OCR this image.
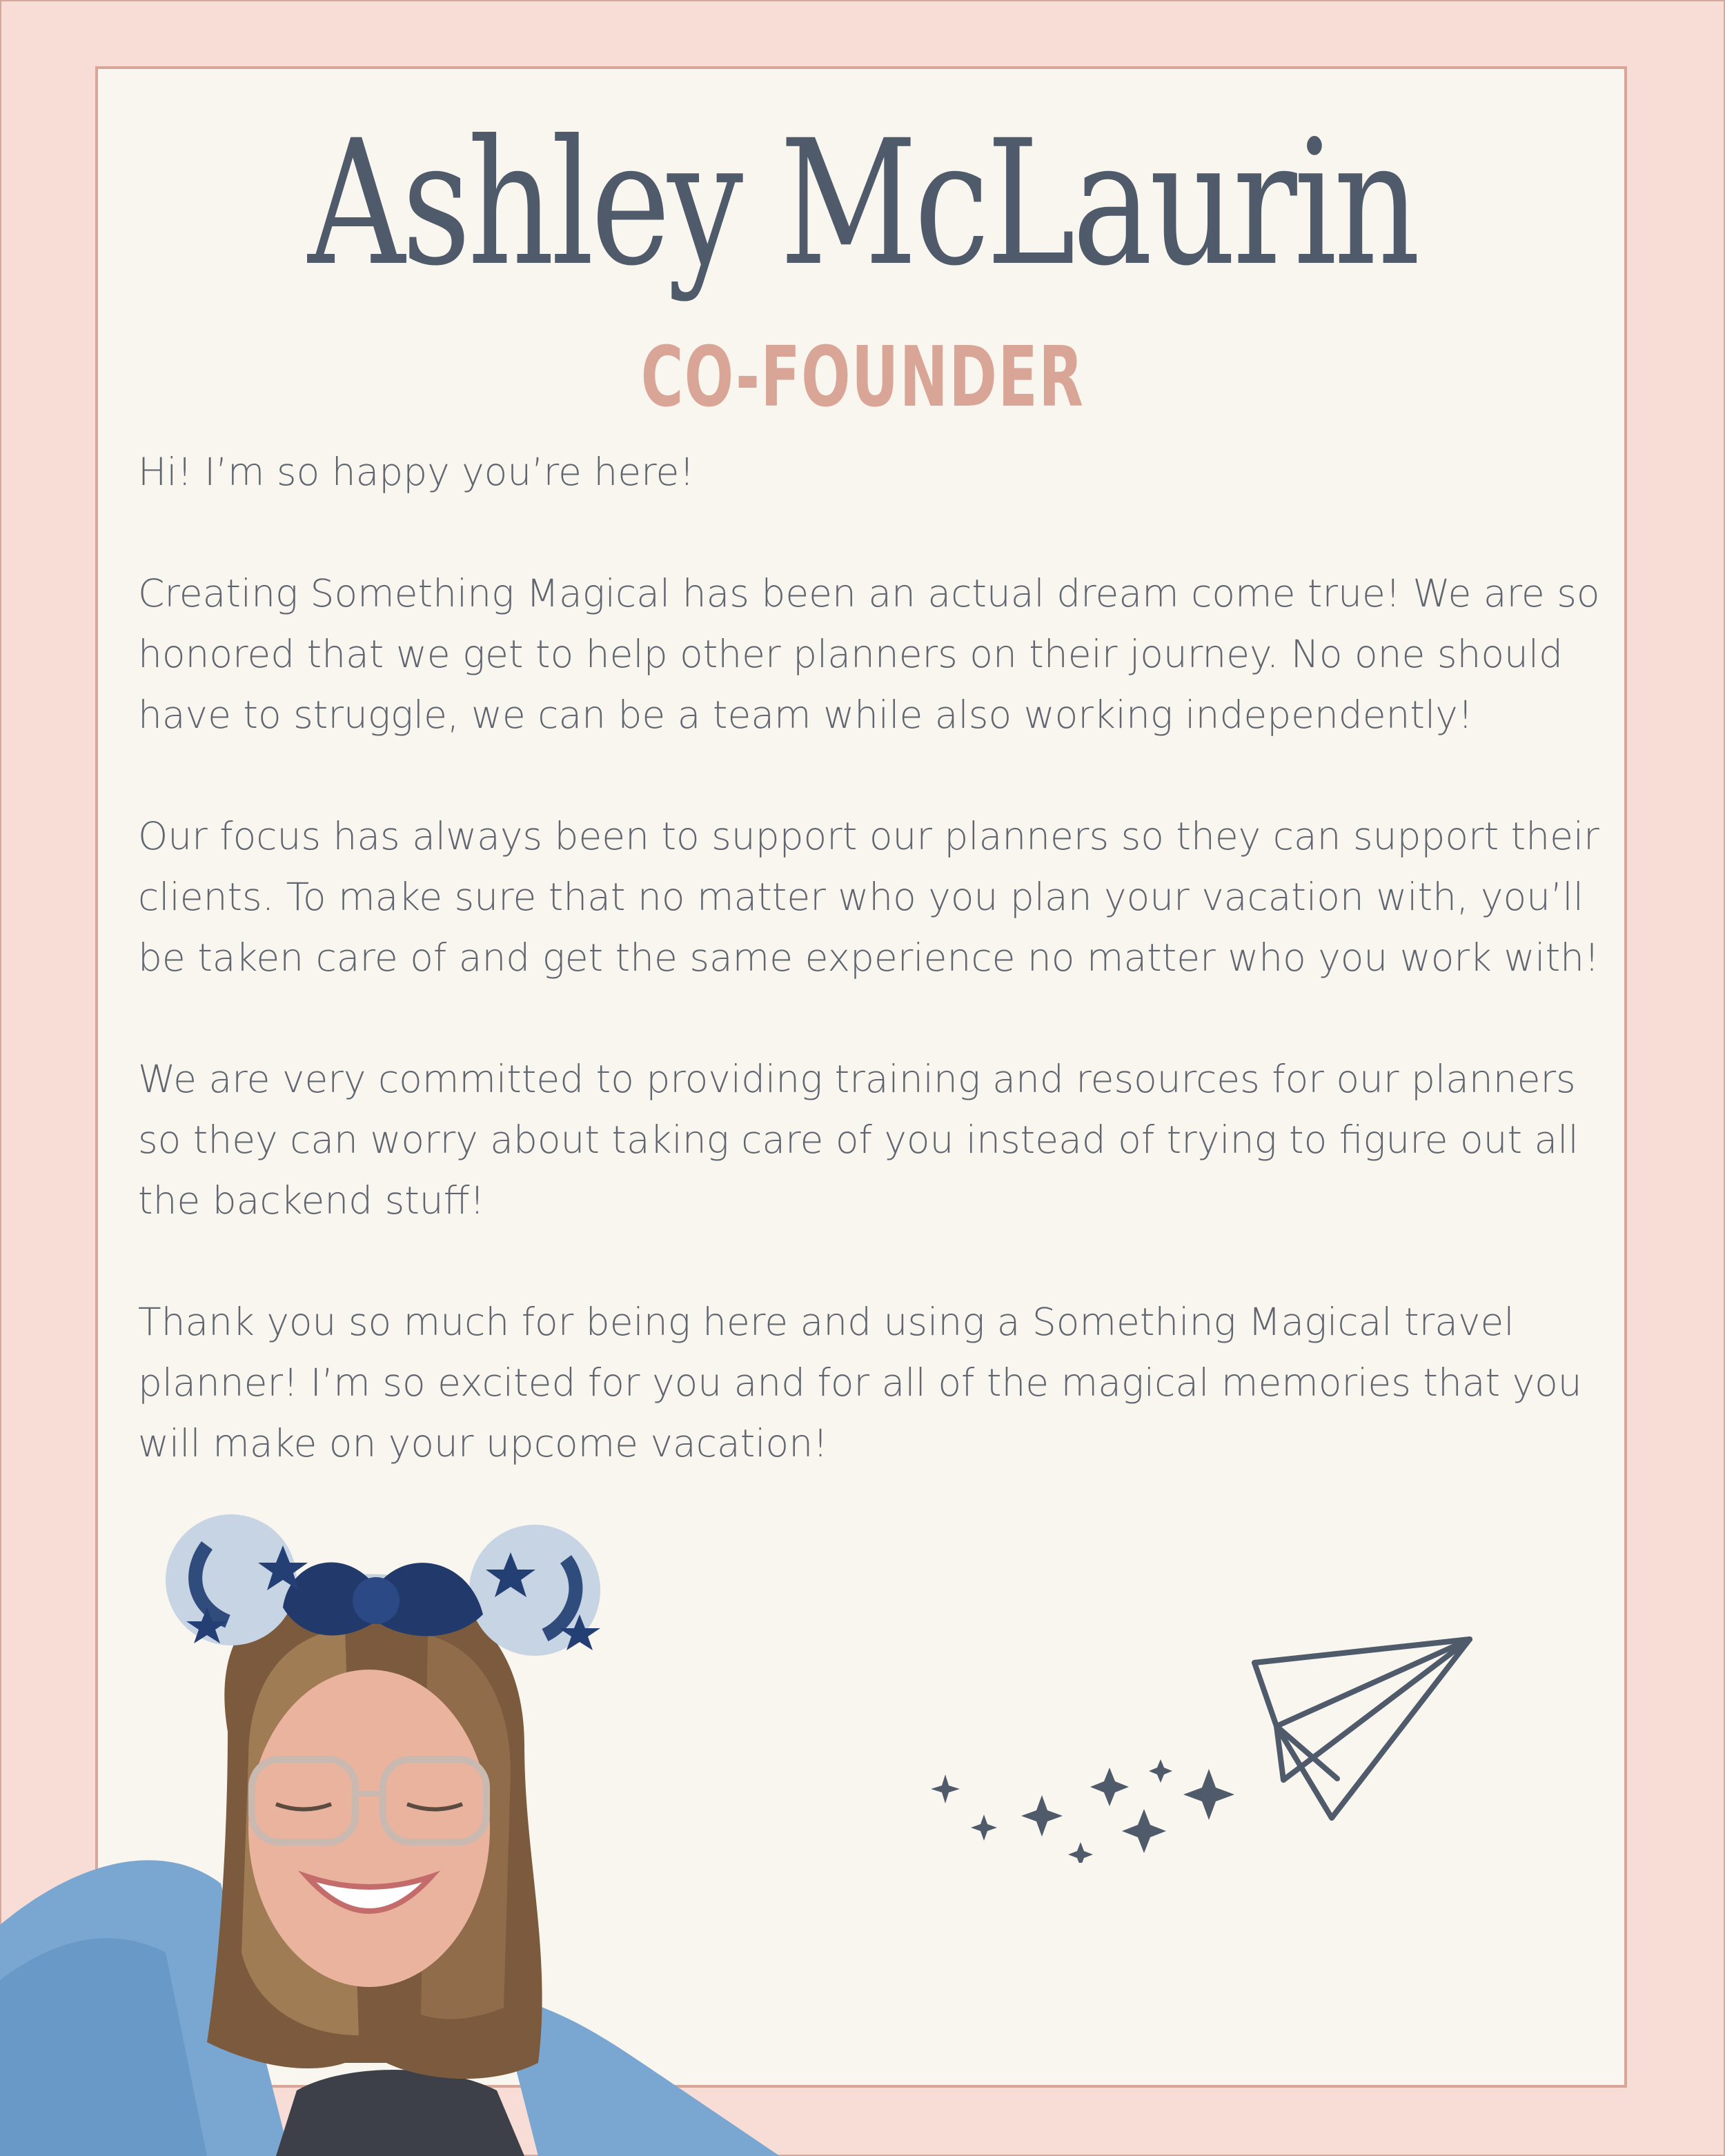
Ashley McLaurin
CO-FOUNDER

Hi! I’m so happy you’re here!

Creating Something Magical has been an actual dream come true! We are so honored that we get to help other planners on their journey. No one should have to struggle, we can be a team while also working independently!

Our focus has always been to support our planners so they can support their clients. To make sure that no matter who you plan your vacation with, you’ll be taken care of and get the same experience no matter who you work with!

We are very committed to providing training and resources for our planners so they can worry about taking care of you instead of trying to figure out all the backend stuff!

Thank you so much for being here and using a Something Magical travel planner! I’m so excited for you and for all of the magical memories that you will make on your upcome vacation!
